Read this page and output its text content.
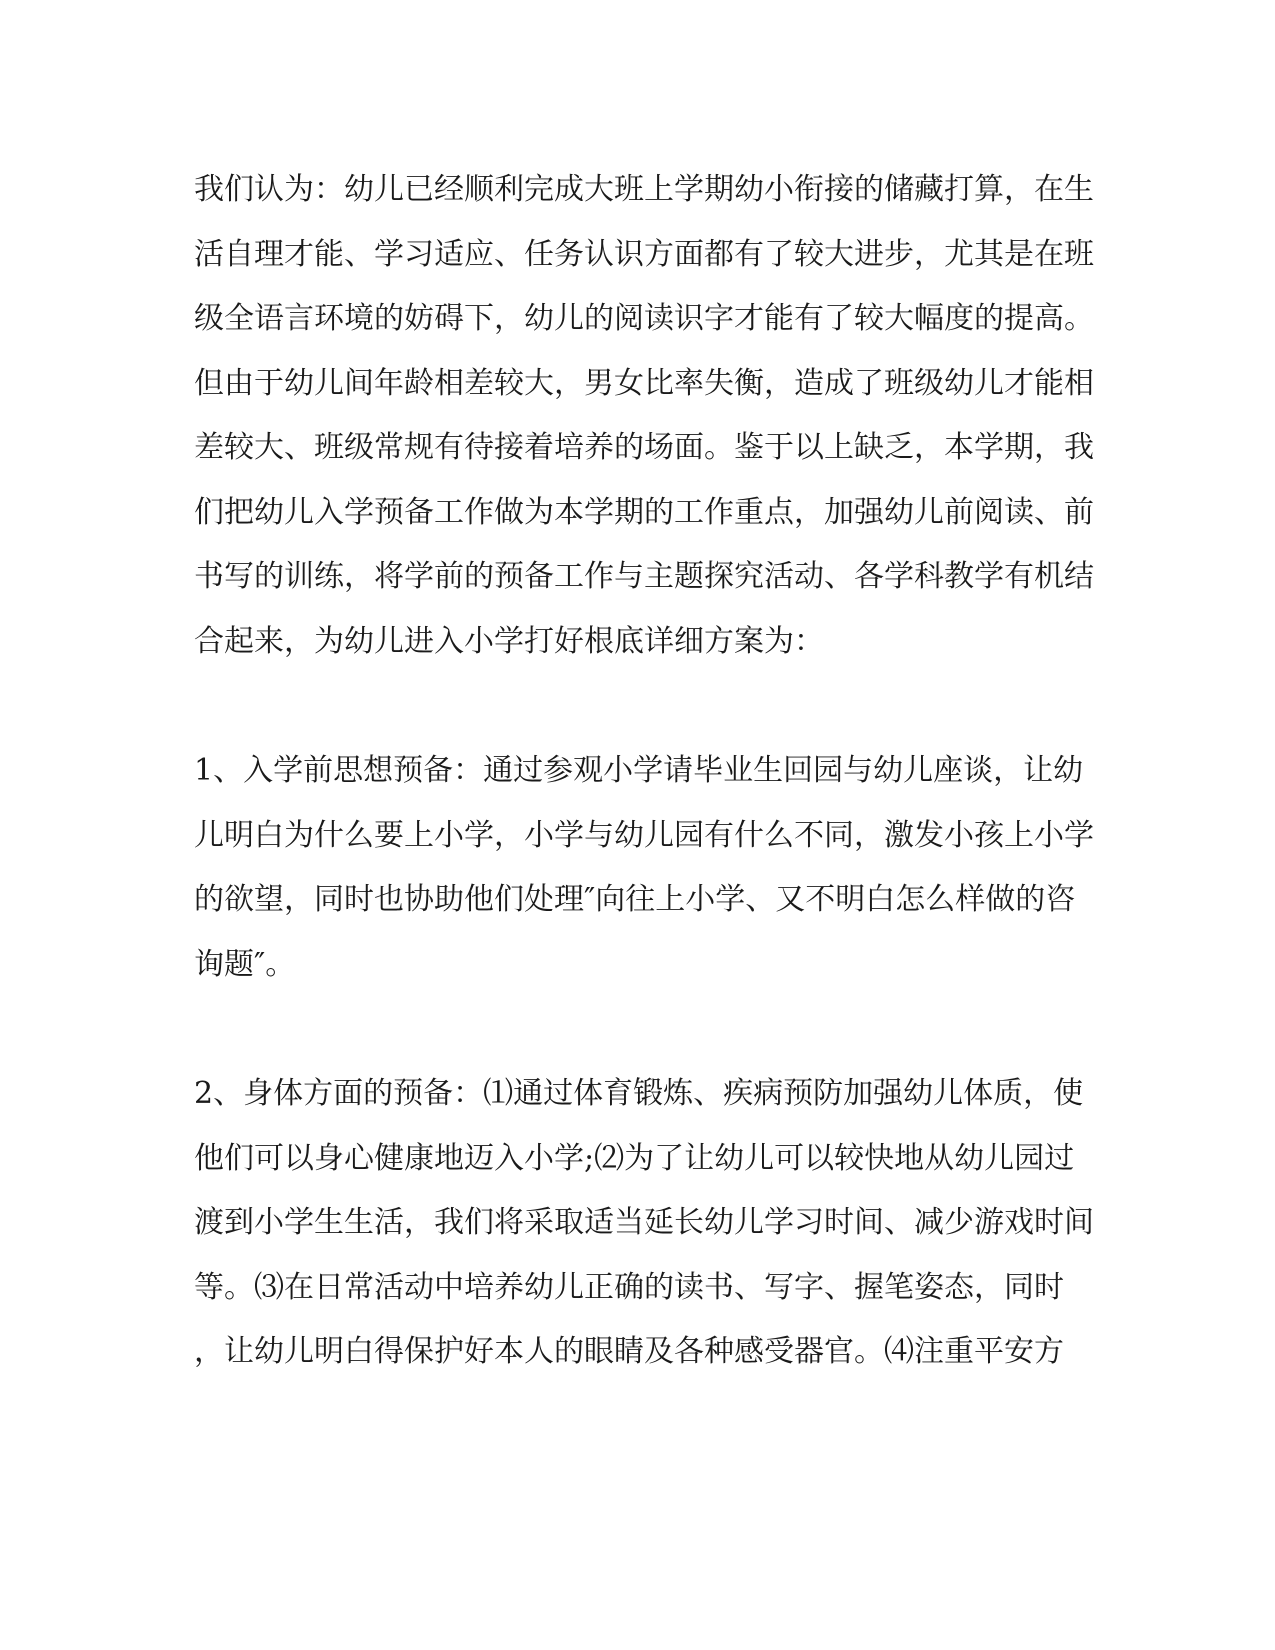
我们认为：幼儿已经顺利完成大班上学期幼小衔接的储藏打算，在生
活自理才能、学习适应、任务认识方面都有了较大进步，尤其是在班
级全语言环境的妨碍下，幼儿的阅读识字才能有了较大幅度的提高。
但由于幼儿间年龄相差较大，男女比率失衡，造成了班级幼儿才能相
差较大、班级常规有待接着培养的场面。鉴于以上缺乏，本学期，我
们把幼儿入学预备工作做为本学期的工作重点，加强幼儿前阅读、前
书写的训练，将学前的预备工作与主题探究活动、各学科教学有机结
合起来，为幼儿进入小学打好根底详细方案为：
1、入学前思想预备：通过参观小学请毕业生回园与幼儿座谈，让幼
儿明白为什么要上小学，小学与幼儿园有什么不同，激发小孩上小学
的欲望，同时也协助他们处理″向往上小学、又不明白怎么样做的咨
询题″。
2、身体方面的预备：⑴通过体育锻炼、疾病预防加强幼儿体质，使
他们可以身心健康地迈入小学;⑵为了让幼儿可以较快地从幼儿园过
渡到小学生生活，我们将采取适当延长幼儿学习时间、减少游戏时间
等。⑶在日常活动中培养幼儿正确的读书、写字、握笔姿态，同时
，让幼儿明白得保护好本人的眼睛及各种感受器官。⑷注重平安方
